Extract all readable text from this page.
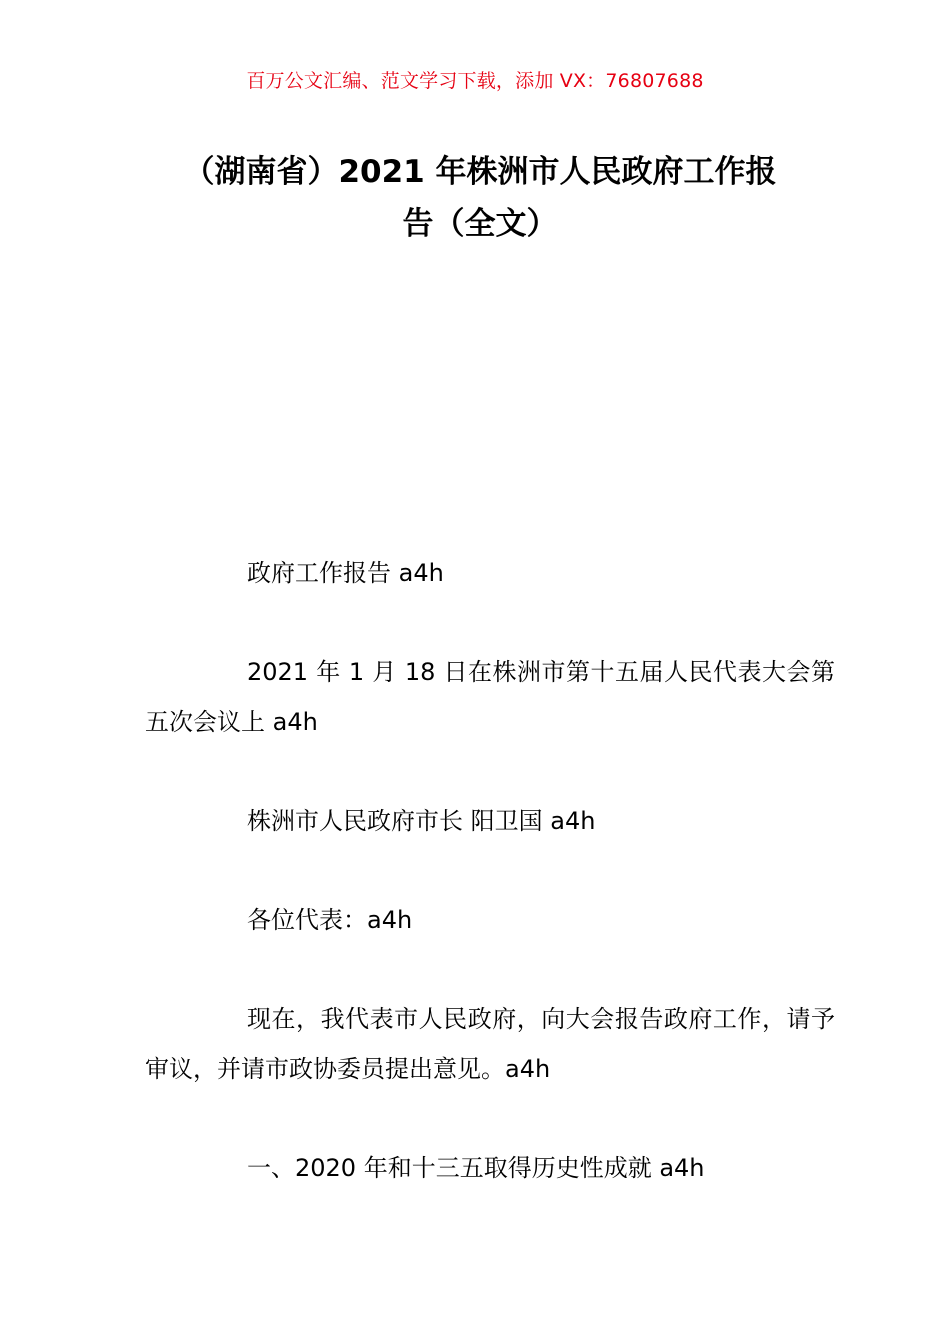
百万公文汇编、范文学习下载，添加 VX：76807688
（湖南省）2021 年株洲市人民政府工作报
告（全文）

政府工作报告 a4h

2021 年 1 月 18 日在株洲市第十五届人民代表大会第五次会议上 a4h

株洲市人民政府市长 阳卫国 a4h

各位代表：a4h

现在，我代表市人民政府，向大会报告政府工作，请予审议，并请市政协委员提出意见。a4h

一、2020 年和十三五取得历史性成就 a4h
